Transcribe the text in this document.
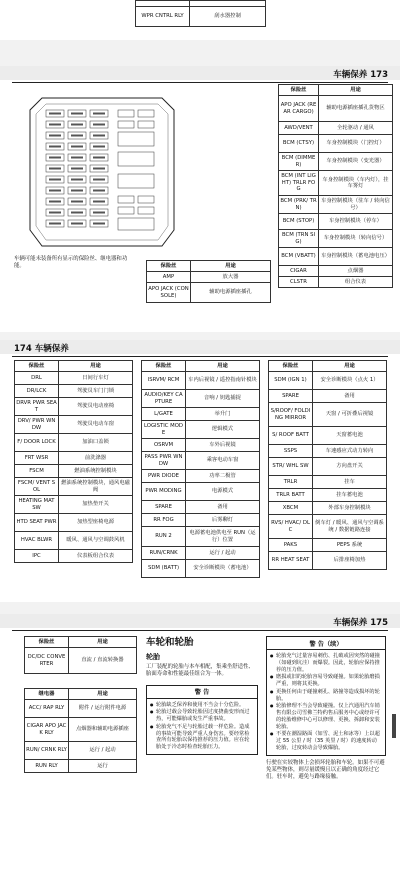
WPR CNTRL RLY	刮水器控制
车辆保养 173
车辆可能未装备所有显示的保险丝、继电器和功能。	保险丝	用途
AMP	放大器
APO JACK (CONSOLE)	辅助电源插座插孔
保险丝	用途
APO JACK (REAR CARGO)	辅助电源插座插孔货物区
AWD/VENT	全轮驱动 / 通风
BCM (CTSY)	车身控制模块（门控灯）
BCM (DIMMER)	车身控制模块（变光器）
BCM (INT LIGHT) TRLR FOG	车身控制模块（车内灯），挂车雾灯
BCM (PRK/ TRN)	车身控制模块（驻车 / 转向信号）
BCM (STOP)	车身控制模块（停车）
BCM (TRN SIG)	车身控制模块（转向信号）
BCM (VBATT)	车身控制模块（蓄电池电压）
CIGAR	点烟器
CLSTR	组合仪表
174 车辆保养
保险丝	用途
DRL	日间行车灯
DR/LCK	驾驶员车门门锁
DRVR PWR SEAT	驾驶员电动座椅
DRV/ PWR WNDW	驾驶员电动车窗
F/ DOOR LOCK	加油口盖锁
FRT WSR	前洗涤器
FSCM	燃油系统控制模块
FSCM/ VENT SOL	燃油系统控制模块，通风电磁阀
HEATING MAT SW	加热垫开关
HTD SEAT PWR	加热型座椅电源
HVAC BLWR	暖风、通风与空调鼓风机
IPC	仪表板组合仪表
保险丝	用途
ISRVM/ RCM	车内后视镜 / 遥控指南针模块
AUDIO/KEY CAPTURE	音响 / 钥匙捕捉
L/GATE	举升门
LOGISTIC MODE	逻辑模式
OSRVM	车外后视镜
PASS PWR WNDW	乘客电动车窗
PWR DIODE	功率二极管
PWR MODING	电源模式
SPARE	备用
RR FOG	后雾聊灯
RUN 2	电源蓄电池供电至 RUN（运行）位置
RUN/CRNK	运行 / 起动
SDM (BATT)	安全诊断模块（蓄电池）
保险丝	用途
SDM (IGN 1)	安全诊断模块（点火 1）
SPARE	备用
S/ROOF/ FOLDING MIRROR	天窗 / 可折叠后视镜
S/ ROOF BATT	天窗蓄电池
SSPS	车速感应式动力转向
STR/ WHL SW	方向盘开关
TRLR	挂车
TRLR BATT	挂车蓄电池
XBCM	外部车身控制模块
RVS/ HVAC/ DLC	倒车灯 / 暖风、通风与空调系统 / 数据链路连接
PAKS	PEPS 系统
RR HEAT SEAT	后排座椅加热
车辆保养 175
保险丝	用途
DC/DC CONVERTER	直流 / 直流转换器
继电器	用途
ACC/ RAP RLY	附件 / 运行附件电源
CIGAR APO JACK RLY	点烟器和辅助电源插座
RUN/ CRNK RLY	运行 / 起动
RUN RLY	运行
车轮和轮胎
轮胎
工厂装配的轮胎与本车相配，集乘坐舒适性、胎面寿命和性能最佳组合为一体。
警 告
● 轮胎缺乏保养和使用不当会十分危险。
● 轮胎过载会导致轮胎因过度挠曲变形而过热，可能爆胎或发生严重事故。
● 轮胎充气不足与轮胎过载一样危险。造成的事故可能导致严重人身伤害。要经常检查所有轮胎以保持推荐的压力值。应在轮胎处于冷态时检查轮胎压力。
警 告（续）
● 轮胎充气过量容易刺伤、扎破或因突然的碰撞（如碰到坑洼）而爆裂。因此，轮胎应保持推荐的压力值。
● 磨损或旧的轮胎容易导致碰撞。如果轮胎磨损严重，则将其更换。
● 更换任何由于碰撞刺孔、路撞等造成损坏的轮胎。
● 轮胎修理不当会导致碰撞。仅上汽通用汽车销售有限公司雪佛兰特约售后服务中心或经许可的轮胎维修中心可以修理、更换、拆卸和安装轮胎。
● 不要在潮湿路面（如雪、泥土和冰等）上以超过 55 公里 / 时（35 英里 / 时）的速度转动轮胎，过度转动会导致爆胎。
行驶在实较物体上会损坏轮胎和车轮。如果不可避免某些物体，则尽量缓慢且以正确的角度经过它们。驻车时，避免与路缘接触。
